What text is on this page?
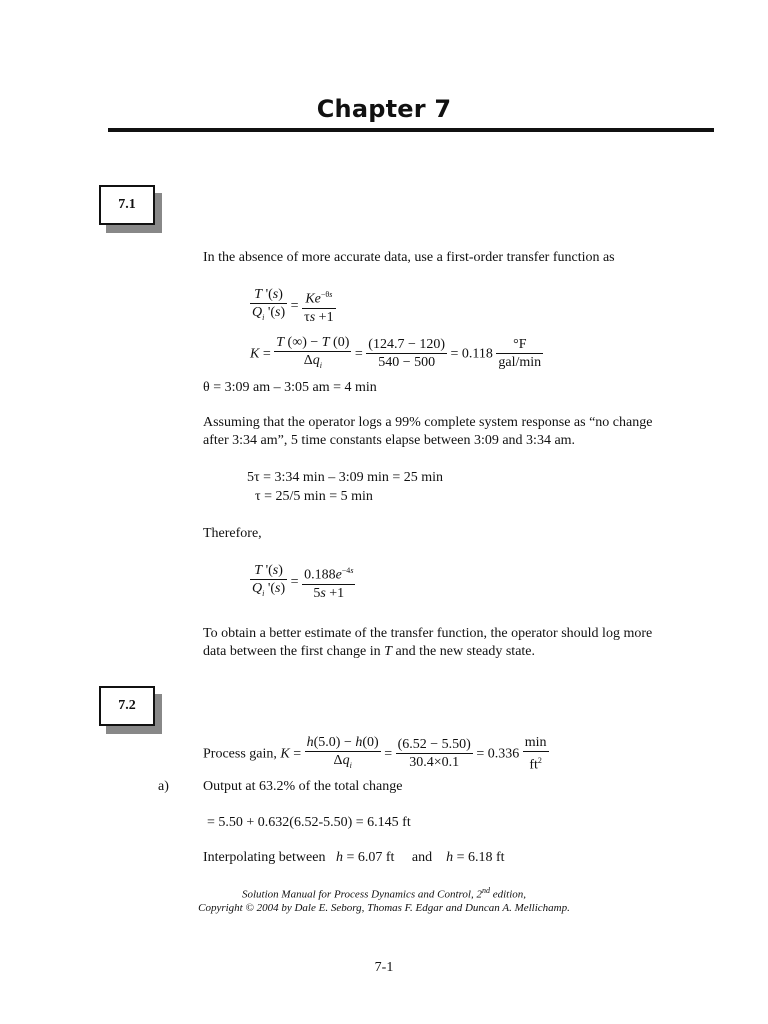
Chapter 7
7.1
In the absence of more accurate data, use a first-order transfer function as
$\frac{T '(s)}{Q_i '(s)} = \frac{Ke^{-\theta s}}{\tau s +1}$
$K = \frac{T (\infty) - T (0)}{\Delta q_i} = \frac{(124.7 - 120)}{540 - 500} = 0.118 \frac{^\circ F}{\text{gal/min}}$
θ = 3:09 am – 3:05 am = 4 min
Assuming that the operator logs a 99% complete system response as “no change after 3:34 am”, 5 time constants elapse between 3:09 and 3:34 am.
5τ = 3:34 min – 3:09 min = 25 min
τ = 25/5 min = 5 min
Therefore,
$\frac{T '(s)}{Q_i '(s)} = \frac{0.188e^{-4s}}{5s +1}$
To obtain a better estimate of the transfer function, the operator should log more data between the first change in T and the new steady state.
7.2
Process gain, $K = \frac{h(5.0) - h(0)}{\Delta q_i} = \frac{(6.52 - 5.50)}{30.4\times 0.1} = 0.336 \frac{\min}{ft^2}$
a) Output at 63.2% of the total change
= 5.50 + 0.632(6.52-5.50) = 6.145 ft
Interpolating between h = 6.07 ft and h = 6.18 ft
Solution Manual for Process Dynamics and Control, 2nd edition,
Copyright © 2004 by Dale E. Seborg, Thomas F. Edgar and Duncan A. Mellichamp.
7-1
